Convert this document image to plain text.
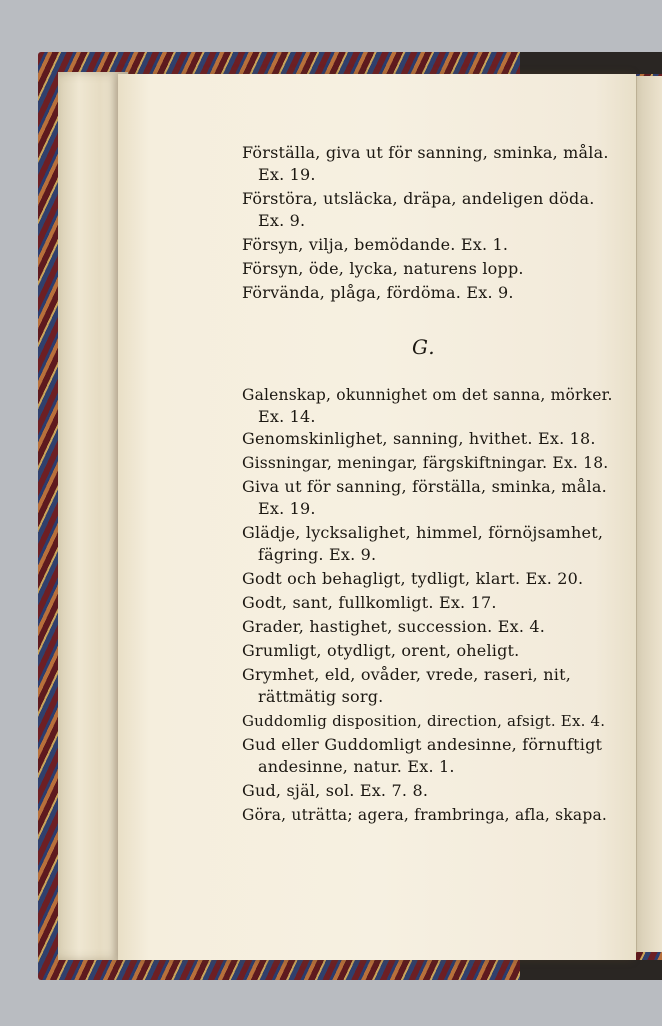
Förställa, giva ut för sanning, sminka, måla.
Ex. 19.
Förstöra, utsläcka, dräpa, andeligen döda.
Ex. 9.
Försyn, vilja, bemödande. Ex. 1.
Försyn, öde, lycka, naturens lopp.
Förvända, plåga, fördöma. Ex. 9.
G.
Galenskap, okunnighet om det sanna, mörker.
Ex. 14.
Genomskinlighet, sanning, hvithet. Ex. 18.
Gissningar, meningar, färgskiftningar. Ex. 18.
Giva ut för sanning, förställa, sminka, måla.
Ex. 19.
Glädje, lycksalighet, himmel, förnöjsamhet,
fägring. Ex. 9.
Godt och behagligt, tydligt, klart. Ex. 20.
Godt, sant, fullkomligt. Ex. 17.
Grader, hastighet, succession. Ex. 4.
Grumligt, otydligt, orent, oheligt.
Grymhet, eld, ovåder, vrede, raseri, nit,
rättmätig sorg.
Guddomlig disposition, direction, afsigt. Ex. 4.
Gud eller Guddomligt andesinne, förnuftigt
andesinne, natur. Ex. 1.
Gud, själ, sol. Ex. 7. 8.
Göra, uträtta; agera, frambringa, afla, skapa.
